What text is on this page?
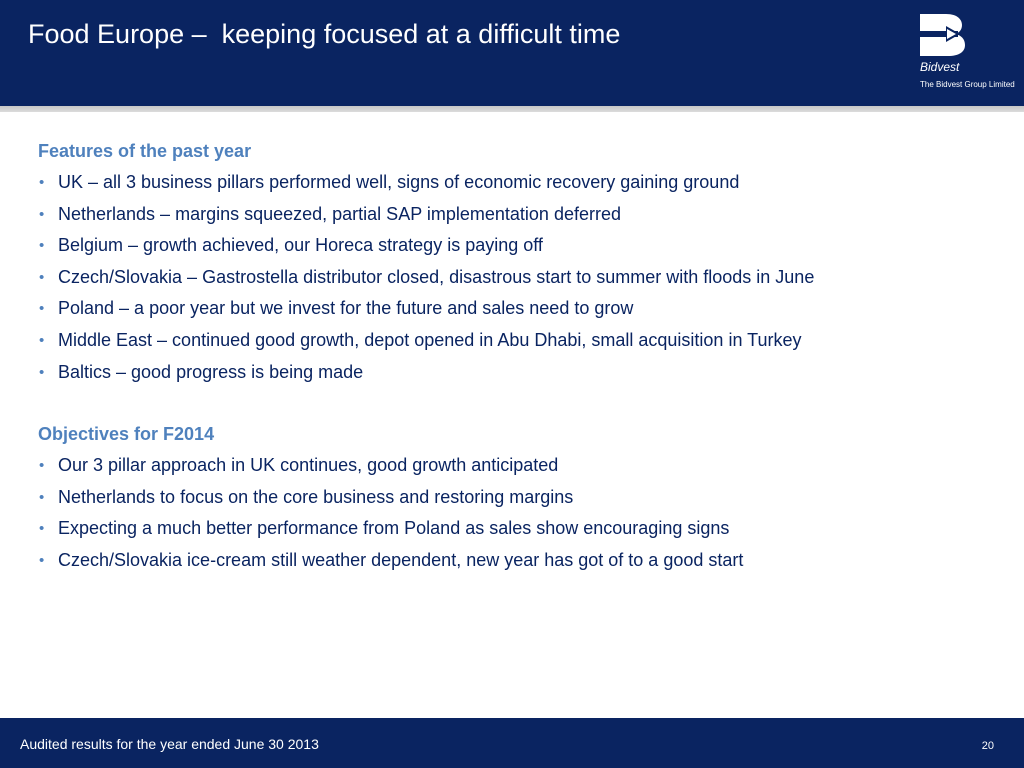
Food Europe –  keeping focused at a difficult time
Bidvest
The Bidvest Group Limited
Features of the past year
• UK – all 3 business pillars performed well, signs of economic recovery gaining ground
• Netherlands – margins squeezed, partial SAP implementation deferred
• Belgium – growth achieved, our Horeca strategy is paying off
• Czech/Slovakia – Gastrostella distributor closed, disastrous start to summer with floods in June
• Poland – a poor year but we invest for the future and sales need to grow
• Middle East – continued good growth, depot opened in Abu Dhabi, small acquisition in Turkey
• Baltics – good progress is being made
Objectives for F2014
• Our 3 pillar approach in UK continues, good growth anticipated
• Netherlands to focus on the core business and restoring margins
• Expecting a much better performance from Poland as sales show encouraging signs
• Czech/Slovakia ice-cream still weather dependent, new year has got of to a good start
Audited results for the year ended June 30 2013	20
